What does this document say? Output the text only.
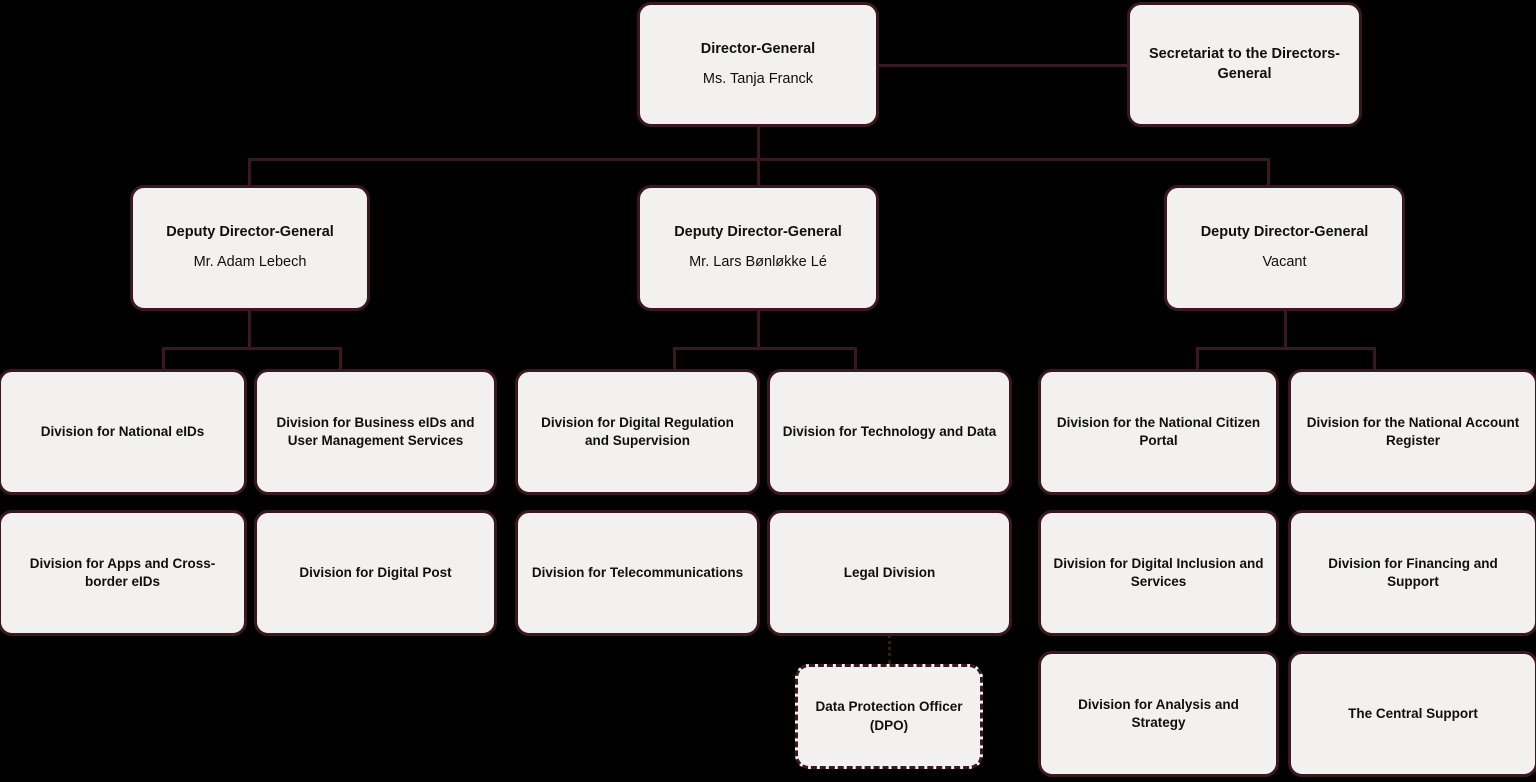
Director-General
Ms. Tanja Franck
Secretariat to the Directors-General
Deputy Director-General
Mr. Adam Lebech
Deputy Director-General
Mr. Lars Bønløkke Lé
Deputy Director-General
Vacant
Division for National eIDs
Division for Business eIDs and User Management Services
Division for Digital Regulation and Supervision
Division for Technology and Data
Division for the National Citizen Portal
Division for the National Account Register
Division for Apps and Cross-border eIDs
Division for Digital Post	Division for Telecommunications	Legal Division
Division for Digital Inclusion and Services
Division for Financing and Support
Division for Analysis and Strategy
The Central Support
Data Protection Officer (DPO)
